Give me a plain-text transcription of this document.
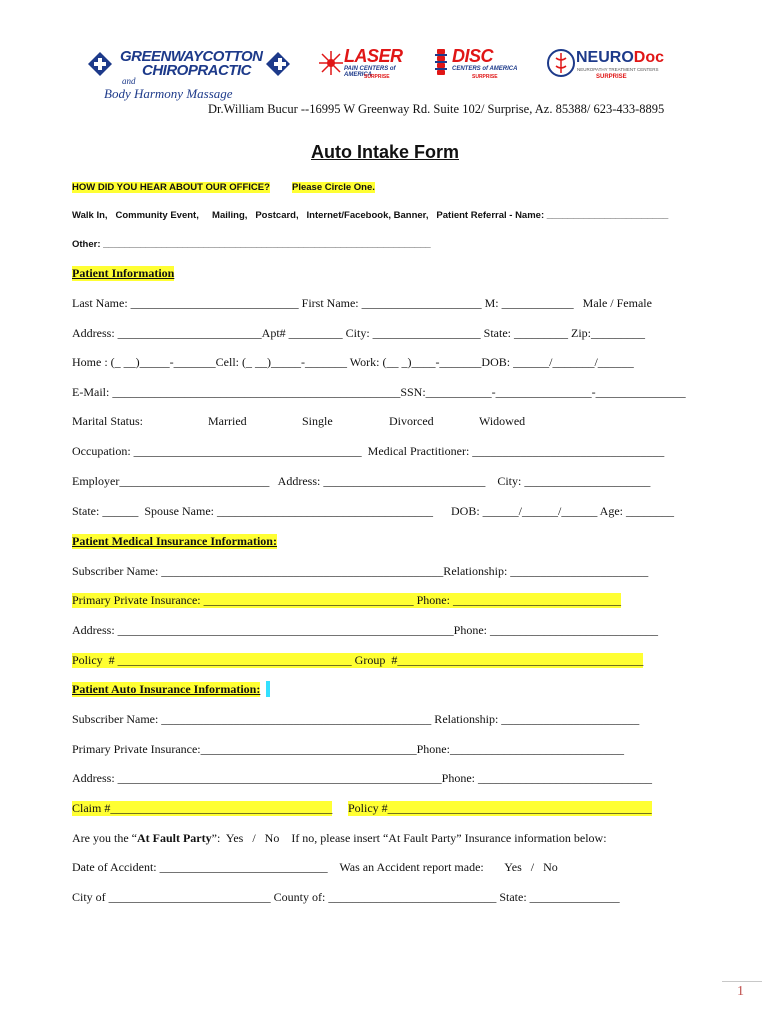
GREENWAYCOTTON
CHIROPRACTIC
and
Body Harmony Massage
LASER
PAIN CENTERS of AMERICA
SURPRISE
DISC
CENTERS of AMERICA
SURPRISE
NEURODoc
NEUROPATHY TREATMENT CENTERS
SURPRISE
Dr.William Bucur --16995 W Greenway Rd. Suite 102/ Surprise, Az. 85388/ 623-433-8895
Auto Intake Form
HOW DID YOU HEAR ABOUT OUR OFFICE? Please Circle One.
Walk In,   Community Event,     Mailing,   Postcard,   Internet/Facebook, Banner,   Patient Referral - Name: _______________________
Other: ______________________________________________________________
Patient Information
Last Name: ____________________________ First Name: ____________________ M: ____________   Male / Female
Address: ________________________Apt# _________ City: __________________ State: _________ Zip:_________
Home : (_ __)_____-_______Cell: (_ __)_____-_______ Work: (__ _)____-_______DOB: ______/_______/______
E-Mail: ________________________________________________SSN:___________-________________-_______________
Marital Status:	Married	Single	Divorced	Widowed
Occupation: ______________________________________  Medical Practitioner: ________________________________
Employer_________________________   Address: ___________________________    City: _____________________
State: ______  Spouse Name: ____________________________________      DOB: ______/______/______ Age: ________
Patient Medical Insurance Information:
Subscriber Name: _______________________________________________Relationship: _______________________
Primary Private Insurance: ___________________________________ Phone: ____________________________
Address: ________________________________________________________Phone: ____________________________
Policy  # _______________________________________ Group  #_________________________________________
Patient Auto Insurance Information:
Subscriber Name: _____________________________________________ Relationship: _______________________
Primary Private Insurance:____________________________________Phone:_____________________________
Address: ______________________________________________________Phone: _____________________________
Claim #_____________________________________ Policy #____________________________________________
Are you the “At Fault Party”:  Yes   /   No    If no, please insert “At Fault Party” Insurance information below:
Date of Accident: ____________________________    Was an Accident report made:       Yes   /   No
City of ___________________________ County of: ____________________________ State: _______________
1
